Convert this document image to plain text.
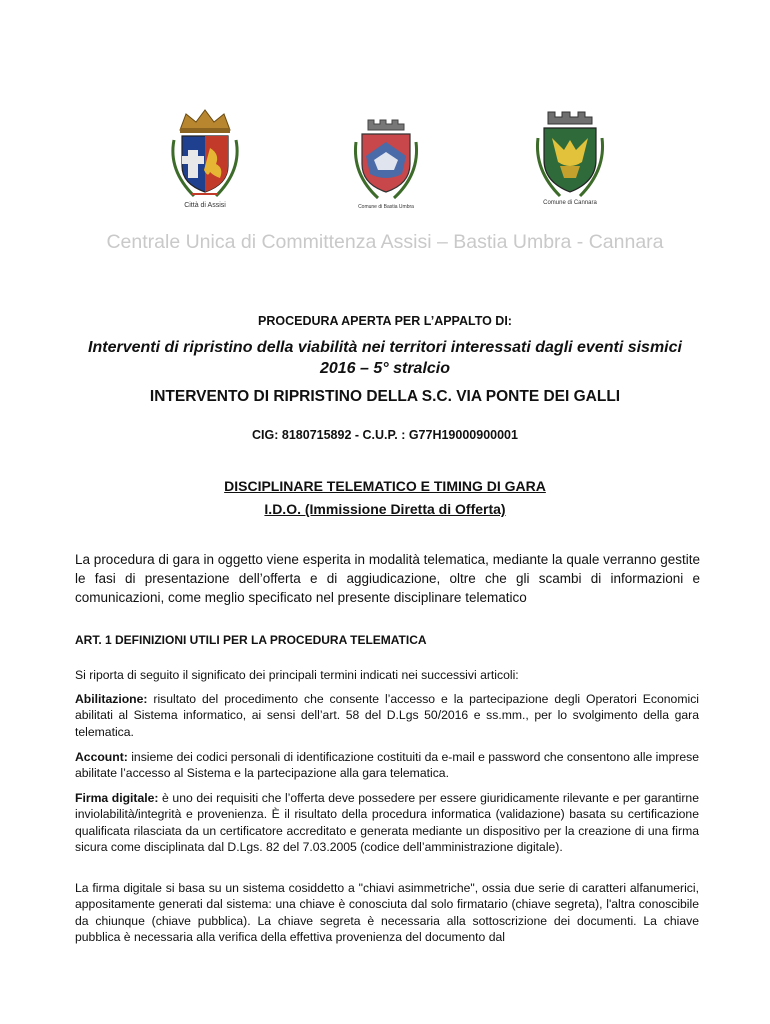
Città di Assisi	Comune di Bastia Umbra
Comune di Cannara
Centrale Unica di Committenza Assisi – Bastia Umbra - Cannara
PROCEDURA APERTA PER L’APPALTO DI:
Interventi di ripristino della viabilità nei territori interessati dagli eventi sismici
2016 – 5° stralcio
INTERVENTO DI RIPRISTINO DELLA S.C. VIA PONTE DEI GALLI
CIG: 8180715892 - C.U.P. : G77H19000900001
DISCIPLINARE TELEMATICO E TIMING DI GARA
I.D.O. (Immissione Diretta di Offerta)
La procedura di gara in oggetto viene esperita in modalità telematica, mediante la quale verranno gestite le fasi di presentazione dell’offerta e di aggiudicazione, oltre che gli scambi di informazioni e comunicazioni, come meglio specificato nel presente disciplinare telematico
ART. 1 DEFINIZIONI UTILI PER LA PROCEDURA TELEMATICA
Si riporta di seguito il significato dei principali termini indicati nei successivi articoli:
Abilitazione: risultato del procedimento che consente l’accesso e la partecipazione degli Operatori Economici abilitati al Sistema informatico, ai sensi dell’art. 58 del D.Lgs 50/2016 e ss.mm., per lo svolgimento della gara telematica.
Account: insieme dei codici personali di identificazione costituiti da e-mail e password che consentono alle imprese abilitate l’accesso al Sistema e la partecipazione alla gara telematica.
Firma digitale: è uno dei requisiti che l’offerta deve possedere per essere giuridicamente rilevante e per garantirne inviolabilità/integrità e provenienza. È il risultato della procedura informatica (validazione) basata su certificazione qualificata rilasciata da un certificatore accreditato e generata mediante un dispositivo per la creazione di una firma sicura come disciplinata dal D.Lgs. 82 del 7.03.2005 (codice dell’amministrazione digitale).
La firma digitale si basa su un sistema cosiddetto a "chiavi asimmetriche", ossia due serie di caratteri alfanumerici, appositamente generati dal sistema: una chiave è conosciuta dal solo firmatario (chiave segreta), l'altra conoscibile da chiunque (chiave pubblica). La chiave segreta è necessaria alla sottoscrizione dei documenti. La chiave pubblica è necessaria alla verifica della effettiva provenienza del documento dal
